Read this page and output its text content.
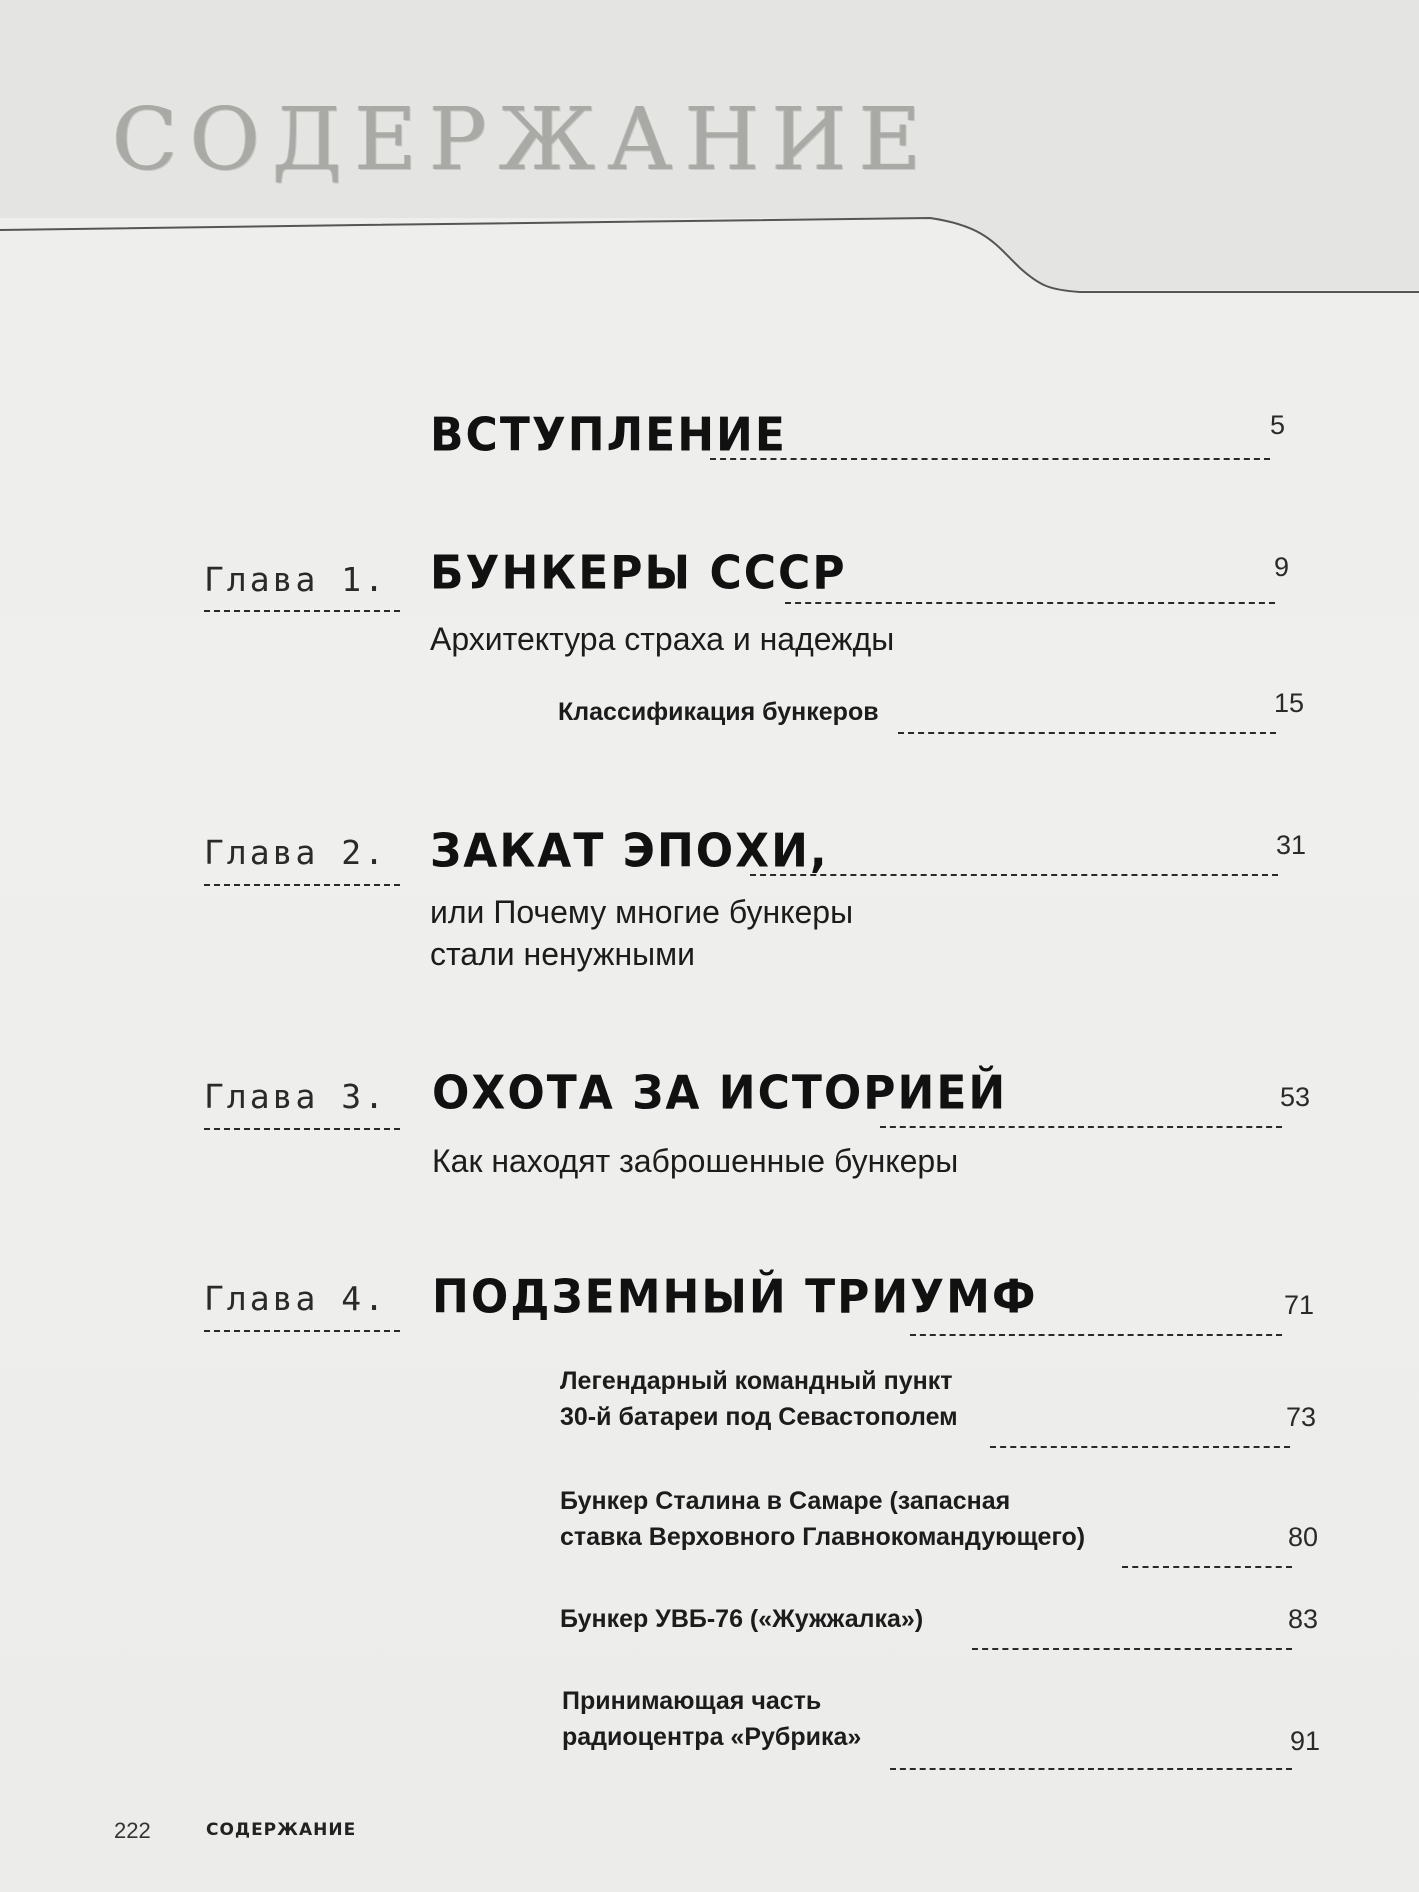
СОДЕРЖАНИЕ
ВСТУПЛЕНИЕ	5
Глава 1. БУНКЕРЫ СССР	9
Архитектура страха и надежды
Классификация бункеров	15
Глава 2. ЗАКАТ ЭПОХИ,	31
или Почему многие бункеры
стали ненужными
Глава 3. ОХОТА ЗА ИСТОРИЕЙ	53
Как находят заброшенные бункеры
Глава 4. ПОДЗЕМНЫЙ ТРИУМФ	71
Легендарный командный пункт
30-й батареи под Севастополем	73
Бункер Сталина в Самаре (запасная
ставка Верховного Главнокомандующего)	80
Бункер УВБ-76 («Жужжалка»)	83
Принимающая часть
радиоцентра «Рубрика»	91
222	СОДЕРЖАНИЕ
